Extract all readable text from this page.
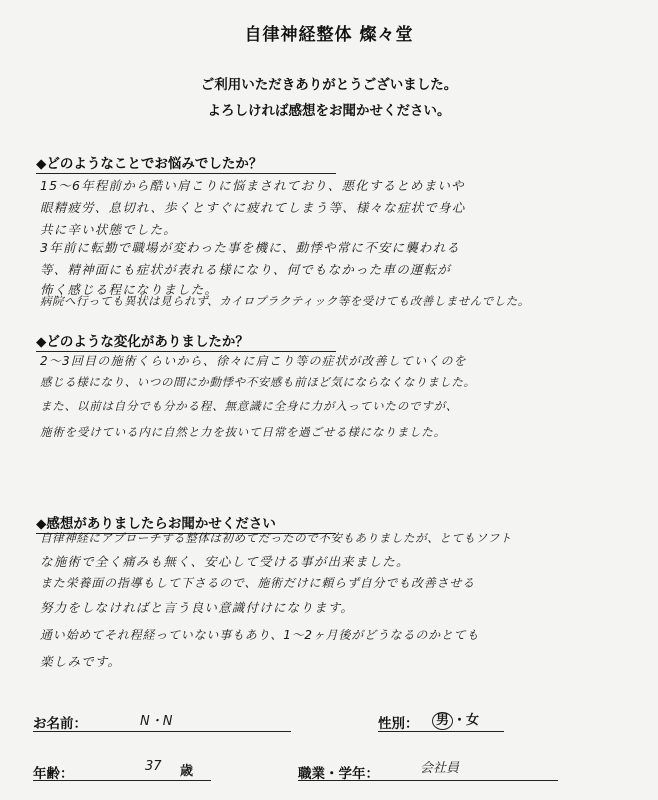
自律神経整体 燦々堂
ご利用いただきありがとうございました。
よろしければ感想をお聞かせください。
◆どのようなことでお悩みでしたか？
15～6年程前から酷い肩こりに悩まされており、悪化するとめまいや
眼精疲労、息切れ、歩くとすぐに疲れてしまう等、様々な症状で身心
共に辛い状態でした。
3年前に転勤で職場が変わった事を機に、動悸や常に不安に襲われる
等、精神面にも症状が表れる様になり、何でもなかった車の運転が
怖く感じる程になりました。
病院へ行っても異状は見られず、カイロプラクティック等を受けても改善しませんでした。
◆どのような変化がありましたか？
2～3回目の施術くらいから、徐々に肩こり等の症状が改善していくのを
感じる様になり、いつの間にか動悸や不安感も前ほど気にならなくなりました。
また、以前は自分でも分かる程、無意識に全身に力が入っていたのですが、
施術を受けている内に自然と力を抜いて日常を過ごせる様になりました。
◆感想がありましたらお聞かせください
自律神経にアプローチする整体は初めてだったので不安もありましたが、とてもソフト
な施術で全く痛みも無く、安心して受ける事が出来ました。
また栄養面の指導もして下さるので、施術だけに頼らず自分でも改善させる
努力をしなければと言う良い意識付けになります。
通い始めてそれ程経っていない事もあり、1～2ヶ月後がどうなるのかとても
楽しみです。
お名前：	N・N	性別：	男 ・女
年齢：	37 歳	職業・学年：	会社員
